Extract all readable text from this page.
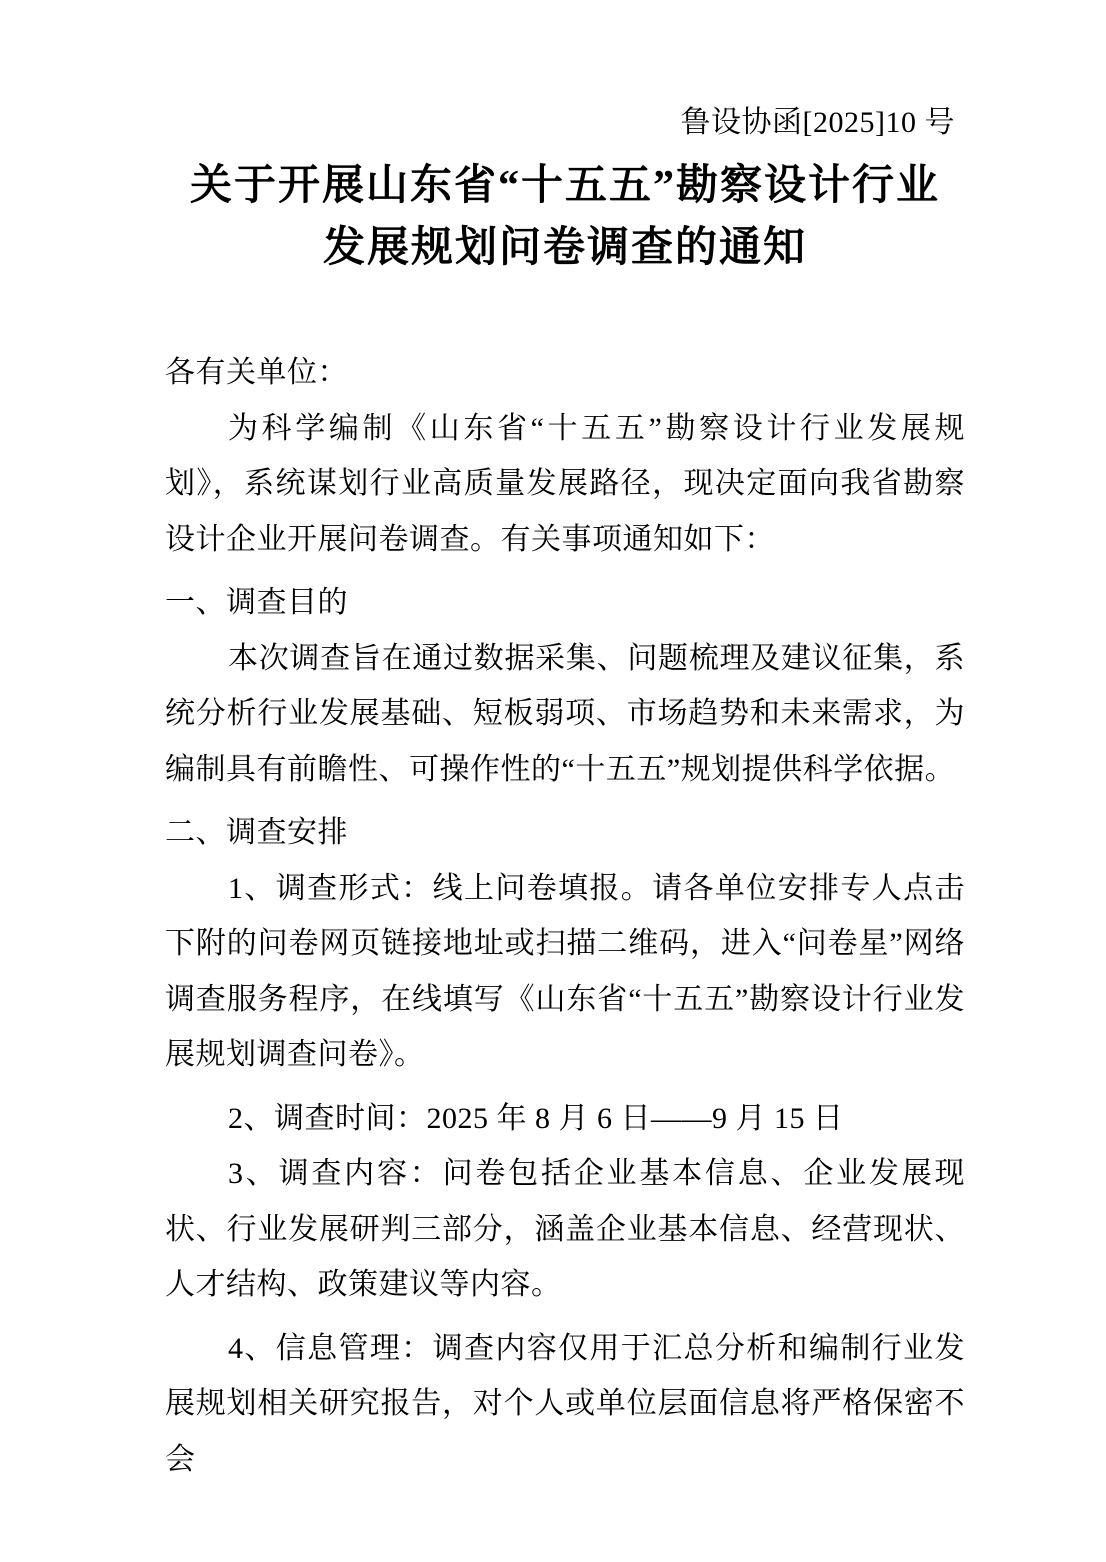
鲁设协函[2025]10 号
关于开展山东省“十五五”勘察设计行业
发展规划问卷调查的通知

各有关单位：

为科学编制《山东省“十五五”勘察设计行业发展规划》，系统谋划行业高质量发展路径，现决定面向我省勘察设计企业开展问卷调查。有关事项通知如下：

一、调查目的

本次调查旨在通过数据采集、问题梳理及建议征集，系统分析行业发展基础、短板弱项、市场趋势和未来需求，为编制具有前瞻性、可操作性的“十五五”规划提供科学依据。

二、调查安排

1、调查形式：线上问卷填报。请各单位安排专人点击下附的问卷网页链接地址或扫描二维码，进入“问卷星”网络调查服务程序，在线填写《山东省“十五五”勘察设计行业发展规划调查问卷》。

2、调查时间：2025 年 8 月 6 日——9 月 15 日

3、调查内容：问卷包括企业基本信息、企业发展现状、行业发展研判三部分，涵盖企业基本信息、经营现状、人才结构、政策建议等内容。

4、信息管理：调查内容仅用于汇总分析和编制行业发展规划相关研究报告，对个人或单位层面信息将严格保密不会
